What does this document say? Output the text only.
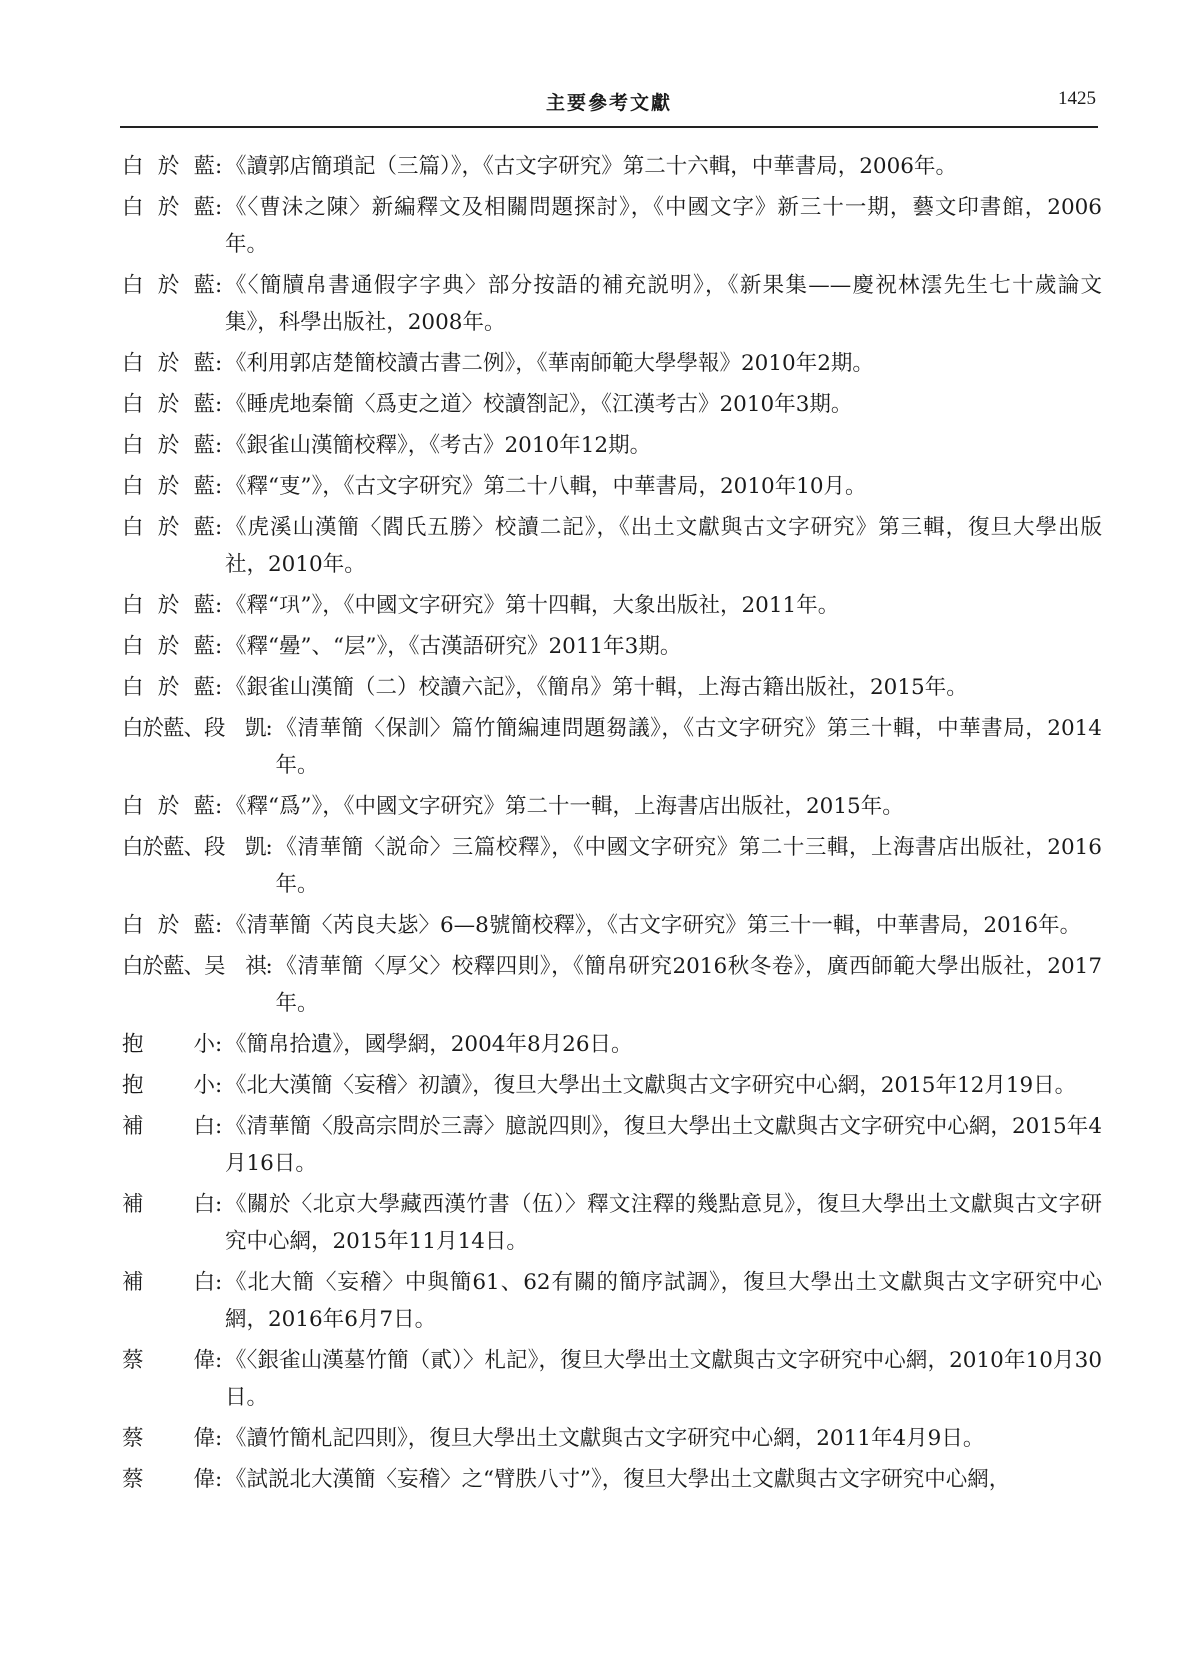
主要參考文獻	1425
白於藍 : 《讀郭店簡瑣記（三篇）》，《古文字研究》第二十六輯，中華書局，2006年。
白於藍 : 《〈曹沬之陳〉新編釋文及相關問題探討》，《中國文字》新三十一期，藝文印書館，2006年。
白於藍 : 《〈簡牘帛書通假字字典〉部分按語的補充説明》，《新果集——慶祝林澐先生七十歲論文集》，科學出版社，2008年。
白於藍 : 《利用郭店楚簡校讀古書二例》，《華南師範大學學報》2010年2期。
白於藍 : 《睡虎地秦簡〈爲吏之道〉校讀劄記》，《江漢考古》2010年3期。
白於藍 : 《銀雀山漢簡校釋》，《考古》2010年12期。
白於藍 : 《釋“叓”》，《古文字研究》第二十八輯，中華書局，2010年10月。
白於藍 : 《虎溪山漢簡〈閻氏五勝〉校讀二記》，《出土文獻與古文字研究》第三輯，復旦大學出版社，2010年。
白於藍 : 《釋“𢀜”》，《中國文字研究》第十四輯，大象出版社，2011年。
白於藍 : 《釋“㬪”、“层”》，《古漢語研究》2011年3期。
白於藍 : 《銀雀山漢簡（二）校讀六記》，《簡帛》第十輯，上海古籍出版社，2015年。
白於藍、段　凱 : 《清華簡〈保訓〉篇竹簡編連問題芻議》，《古文字研究》第三十輯，中華書局，2014年。
白於藍 : 《釋“爲”》，《中國文字研究》第二十一輯，上海書店出版社，2015年。
白於藍、段　凱 : 《清華簡〈説命〉三篇校釋》，《中國文字研究》第二十三輯，上海書店出版社，2016年。
白於藍 : 《清華簡〈芮良夫毖〉6—8號簡校釋》，《古文字研究》第三十一輯，中華書局，2016年。
白於藍、吴　祺 : 《清華簡〈厚父〉校釋四則》，《簡帛研究2016秋冬卷》，廣西師範大學出版社，2017年。
抱　小 : 《簡帛拾遺》，國學網，2004年8月26日。
抱　小 : 《北大漢簡〈妄稽〉初讀》，復旦大學出土文獻與古文字研究中心網，2015年12月19日。
補　白 : 《清華簡〈殷高宗問於三壽〉臆説四則》，復旦大學出土文獻與古文字研究中心網，2015年4月16日。
補　白 : 《關於〈北京大學藏西漢竹書（伍）〉釋文注釋的幾點意見》，復旦大學出土文獻與古文字研究中心網，2015年11月14日。
補　白 : 《北大簡〈妄稽〉中與簡61、62有關的簡序試調》，復旦大學出土文獻與古文字研究中心網，2016年6月7日。
蔡　偉 : 《〈銀雀山漢墓竹簡（貳）〉札記》，復旦大學出土文獻與古文字研究中心網，2010年10月30日。
蔡　偉 : 《讀竹簡札記四則》，復旦大學出土文獻與古文字研究中心網，2011年4月9日。
蔡　偉 : 《試説北大漢簡〈妄稽〉之“臂胅八寸”》，復旦大學出土文獻與古文字研究中心網，
